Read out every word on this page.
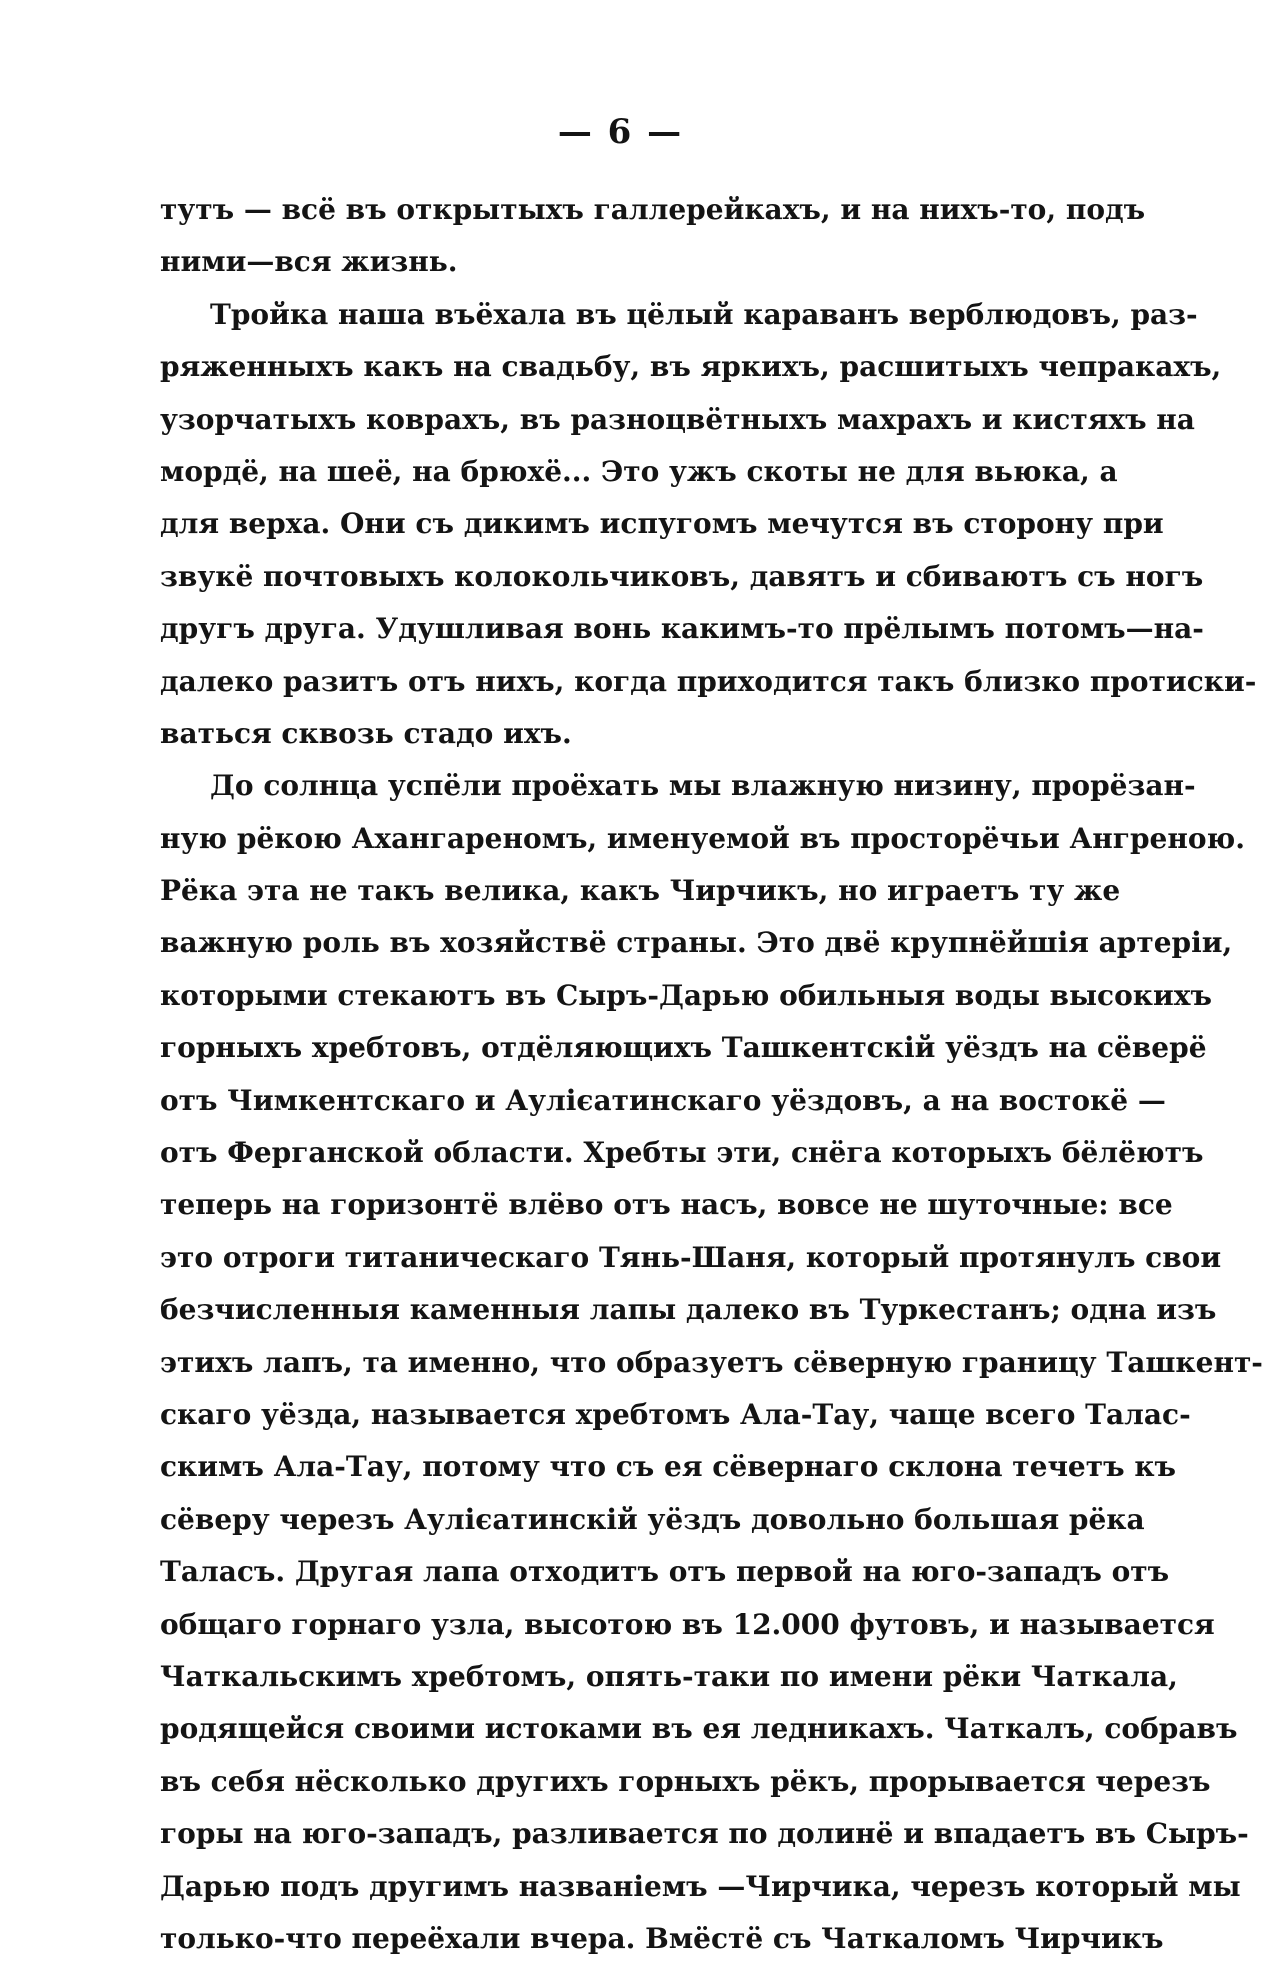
— 6 —
тутъ — всё въ открытыхъ галлерейкахъ, и на нихъ-то, подъ
ними—вся жизнь.
Тройка наша въёхала въ цёлый караванъ верблюдовъ, раз-
ряженныхъ какъ на свадьбу, въ яркихъ, расшитыхъ чепракахъ,
узорчатыхъ коврахъ, въ разноцвётныхъ махрахъ и кистяхъ на
мордё, на шеё, на брюхё... Это ужъ скоты не для вьюка, а
для верха. Они съ дикимъ испугомъ мечутся въ сторону при
звукё почтовыхъ колокольчиковъ, давятъ и сбиваютъ съ ногъ
другъ друга. Удушливая вонь какимъ-то прёлымъ потомъ—на-
далеко разитъ отъ нихъ, когда приходится такъ близко протиски-
ваться сквозь стадо ихъ.
До солнца успёли проёхать мы влажную низину, прорёзан-
ную рёкою Ахангареномъ, именуемой въ просторёчьи Ангреною.
Рёка эта не такъ велика, какъ Чирчикъ, но играетъ ту же
важную роль въ хозяйствё страны. Это двё крупнёйшія артеріи,
которыми стекаютъ въ Сыръ-Дарью обильныя воды высокихъ
горныхъ хребтовъ, отдёляющихъ Ташкентскій уёздъ на сёверё
отъ Чимкентскаго и Аулієатинскаго уёздовъ, а на востокё —
отъ Ферганской области. Хребты эти, снёга которыхъ бёлёютъ
теперь на горизонтё влёво отъ насъ, вовсе не шуточные: все
это отроги титаническаго Тянь-Шаня, который протянулъ свои
безчисленныя каменныя лапы далеко въ Туркестанъ; одна изъ
этихъ лапъ, та именно, что образуетъ сёверную границу Ташкент-
скаго уёзда, называется хребтомъ Ала-Тау, чаще всего Талас-
скимъ Ала-Тау, потому что съ ея сёвернаго склона течетъ къ
сёверу черезъ Аулієатинскій уёздъ довольно большая рёка
Таласъ. Другая лапа отходитъ отъ первой на юго-западъ отъ
общаго горнаго узла, высотою въ 12.000 футовъ, и называется
Чаткальскимъ хребтомъ, опять-таки по имени рёки Чаткала,
родящейся своими истоками въ ея ледникахъ. Чаткалъ, собравъ
въ себя нёсколько другихъ горныхъ рёкъ, прорывается черезъ
горы на юго-западъ, разливается по долинё и впадаетъ въ Сыръ-
Дарью подъ другимъ названіемъ —Чирчика, черезъ который мы
только-что переёхали вчера. Вмёстё съ Чаткаломъ Чирчикъ
